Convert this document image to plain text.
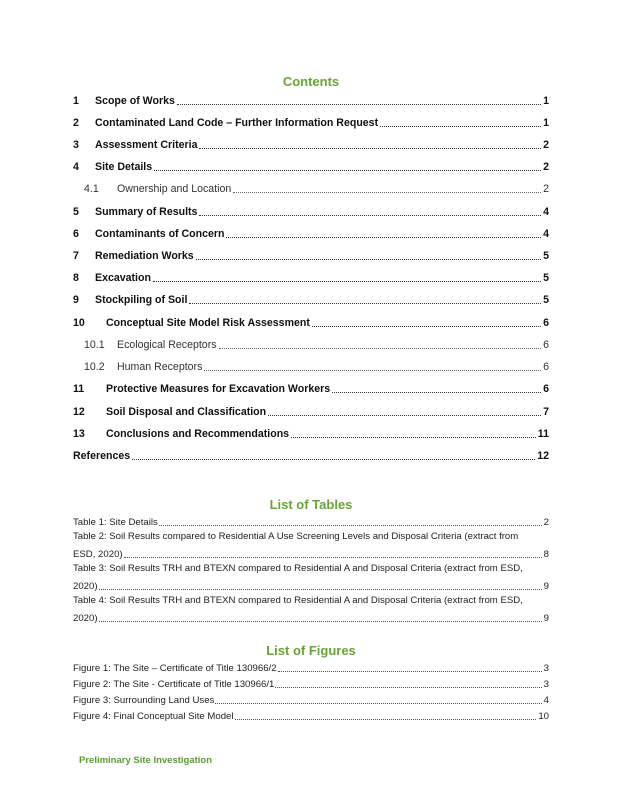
Contents
1	Scope of Works	1
2	Contaminated Land Code – Further Information Request	1
3	Assessment Criteria	2
4	Site Details	2
4.1	Ownership and Location	2
5	Summary of Results	4
6	Contaminants of Concern	4
7	Remediation Works	5
8	Excavation	5
9	Stockpiling of Soil	5
10	Conceptual Site Model Risk Assessment	6
10.1	Ecological Receptors	6
10.2	Human Receptors	6
11	Protective Measures for Excavation Workers	6
12	Soil Disposal and Classification	7
13	Conclusions and Recommendations	11
References	12
List of Tables
Table 1: Site Details	2
Table 2: Soil Results compared to Residential A Use Screening Levels and Disposal Criteria (extract from
ESD, 2020)	8
Table 3: Soil Results TRH and BTEXN compared to Residential A and Disposal Criteria (extract from ESD,
2020)	9
Table 4: Soil Results TRH and BTEXN compared to Residential A and Disposal Criteria (extract from ESD,
2020)	9
List of Figures
Figure 1: The Site – Certificate of Title 130966/2	3
Figure 2: The Site - Certificate of Title 130966/1	3
Figure 3: Surrounding Land Uses	4
Figure 4: Final Conceptual Site Model	10
Preliminary Site Investigation
